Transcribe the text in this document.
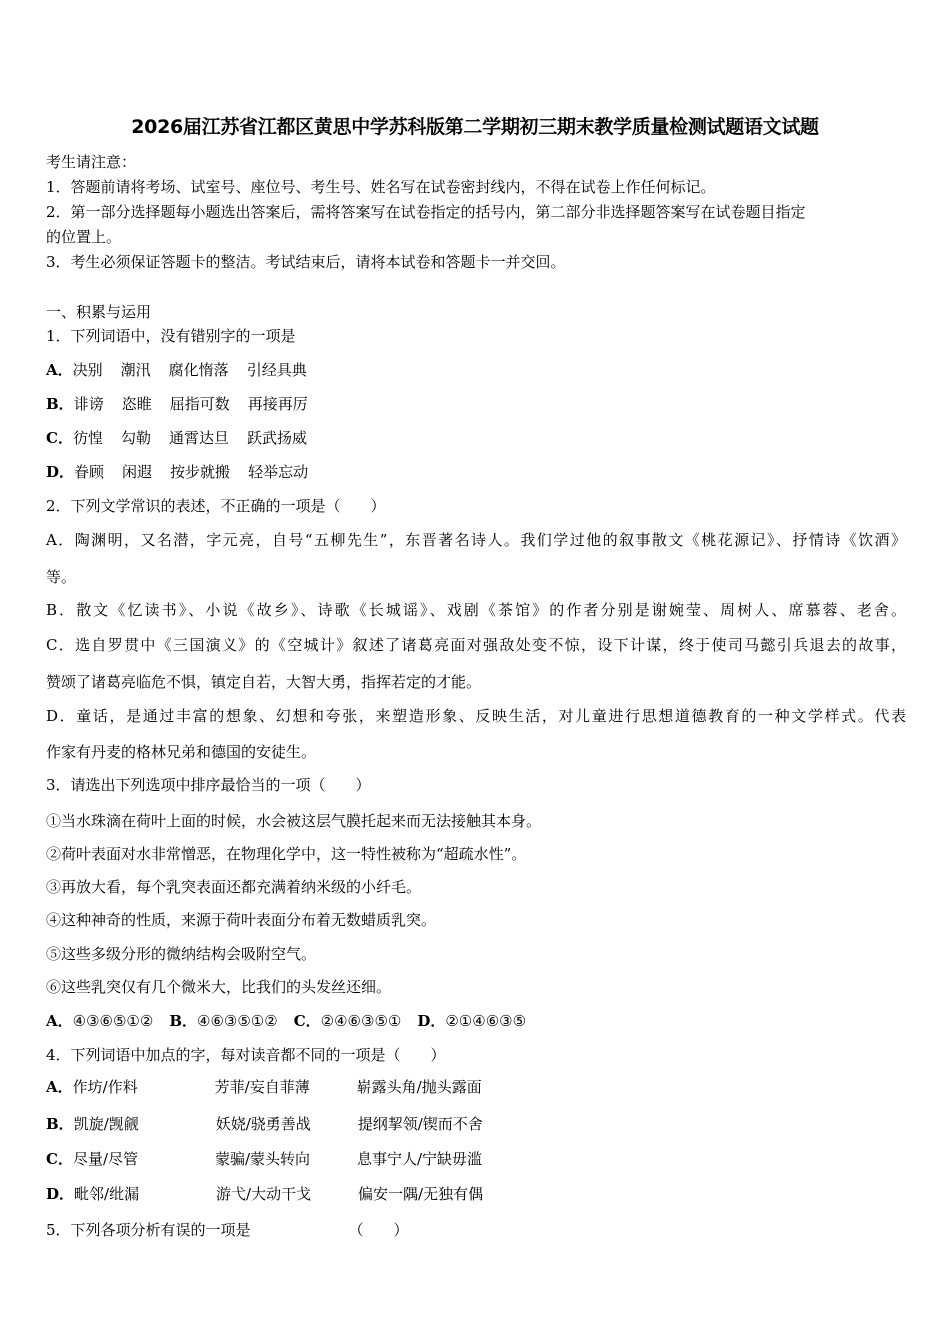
2026届江苏省江都区黄思中学苏科版第二学期初三期末教学质量检测试题语文试题
考生请注意：
1．答题前请将考场、试室号、座位号、考生号、姓名写在试卷密封线内，不得在试卷上作任何标记。
2．第一部分选择题每小题选出答案后，需将答案写在试卷指定的括号内，第二部分非选择题答案写在试卷题目指定
的位置上。
3．考生必须保证答题卡的整洁。考试结束后，请将本试卷和答题卡一并交回。
一、积累与运用
1．下列词语中，没有错别字的一项是
A．决别 潮汛 腐化惰落 引经具典
B．诽谤 恣睢 屈指可数 再接再厉
C．彷惶 勾勒 通霄达旦 跃武扬威
D．眷顾 闲遐 按步就搬 轻举忘动
2．下列文学常识的表述，不正确的一项是（　　）
A．陶渊明，又名潜，字元亮，自号“五柳先生”，东晋著名诗人。我们学过他的叙事散文《桃花源记》、抒情诗《饮酒》
等。
B．散文《忆读书》、小说《故乡》、诗歌《长城谣》、戏剧《茶馆》的作者分别是谢婉莹、周树人、席慕蓉、老舍。
C．选自罗贯中《三国演义》的《空城计》叙述了诸葛亮面对强敌处变不惊，设下计谋，终于使司马懿引兵退去的故事，
赞颂了诸葛亮临危不惧，镇定自若，大智大勇，指挥若定的才能。
D．童话，是通过丰富的想象、幻想和夸张，来塑造形象、反映生活，对儿童进行思想道德教育的一种文学样式。代表
作家有丹麦的格林兄弟和德国的安徒生。
3．请选出下列选项中排序最恰当的一项（　　）
①当水珠滴在荷叶上面的时候，水会被这层气膜托起来而无法接触其本身。
②荷叶表面对水非常憎恶，在物理化学中，这一特性被称为“超疏水性”。
③再放大看，每个乳突表面还都充满着纳米级的小纤毛。
④这种神奇的性质，来源于荷叶表面分布着无数蜡质乳突。
⑤这些多级分形的微纳结构会吸附空气。
⑥这些乳突仅有几个微米大，比我们的头发丝还细。
A．④③⑥⑤①② B．④⑥③⑤①② C．②④⑥③⑤① D．②①④⑥③⑤
4．下列词语中加点的字，每对读音都不同的一项是（　　）
A．作坊/作料	芳菲/妄自菲薄	崭露头角/抛头露面
B．凯旋/觊觎	妖娆/骁勇善战	提纲挈领/锲而不舍
C．尽量/尽管	蒙骗/蒙头转向	息事宁人/宁缺毋滥
D．毗邻/纰漏	游弋/大动干戈	偏安一隅/无独有偶
5．下列各项分析有误的一项是	（　　）
